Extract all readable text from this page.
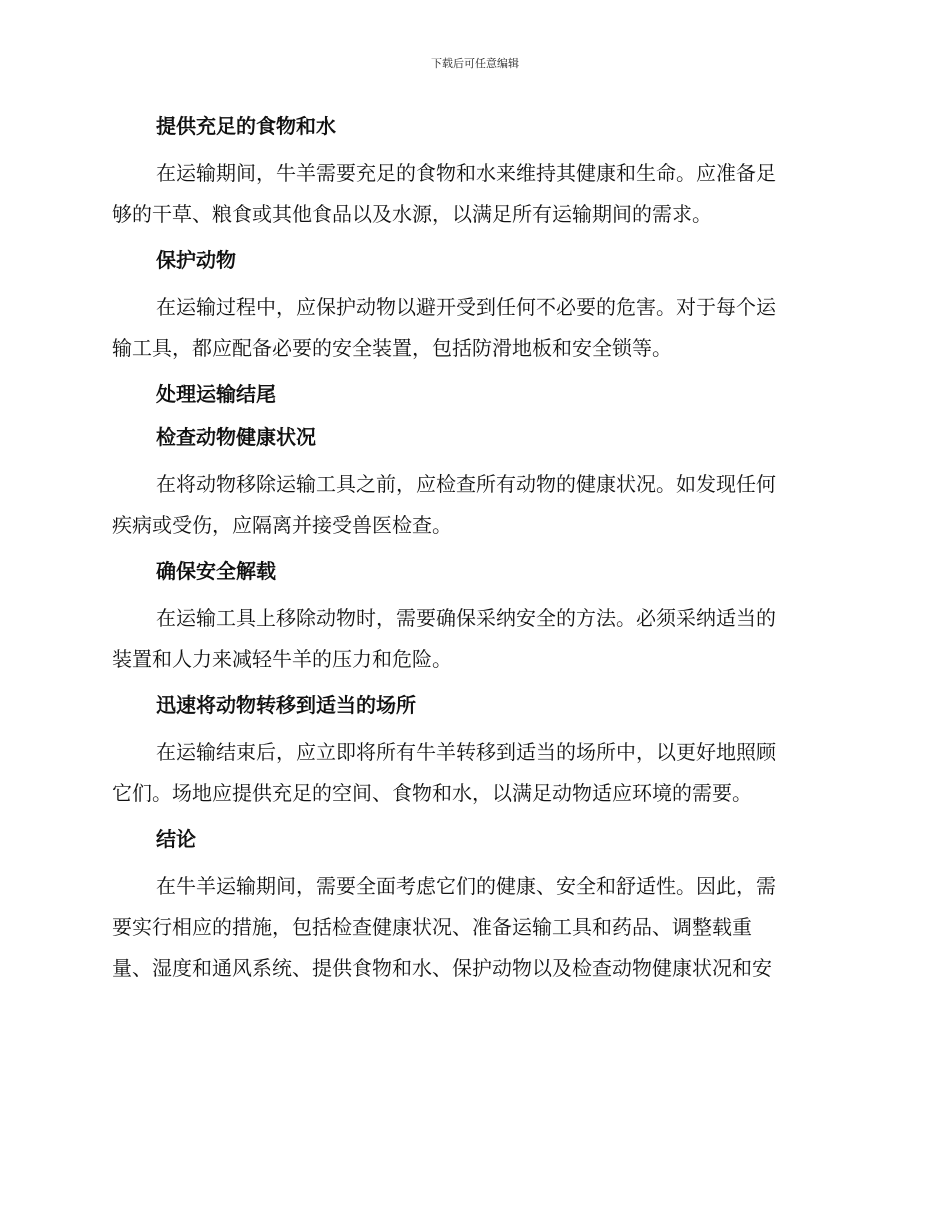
下载后可任意编辑
提供充足的食物和水
在运输期间，牛羊需要充足的食物和水来维持其健康和生命。应准备足
够的干草、粮食或其他食品以及水源，以满足所有运输期间的需求。
保护动物
在运输过程中，应保护动物以避开受到任何不必要的危害。对于每个运
输工具，都应配备必要的安全装置，包括防滑地板和安全锁等。
处理运输结尾
检查动物健康状况
在将动物移除运输工具之前，应检查所有动物的健康状况。如发现任何
疾病或受伤，应隔离并接受兽医检查。
确保安全解载
在运输工具上移除动物时，需要确保采纳安全的方法。必须采纳适当的
装置和人力来减轻牛羊的压力和危险。
迅速将动物转移到适当的场所
在运输结束后，应立即将所有牛羊转移到适当的场所中，以更好地照顾
它们。场地应提供充足的空间、食物和水，以满足动物适应环境的需要。
结论
在牛羊运输期间，需要全面考虑它们的健康、安全和舒适性。因此，需
要实行相应的措施，包括检查健康状况、准备运输工具和药品、调整载重
量、湿度和通风系统、提供食物和水、保护动物以及检查动物健康状况和安
